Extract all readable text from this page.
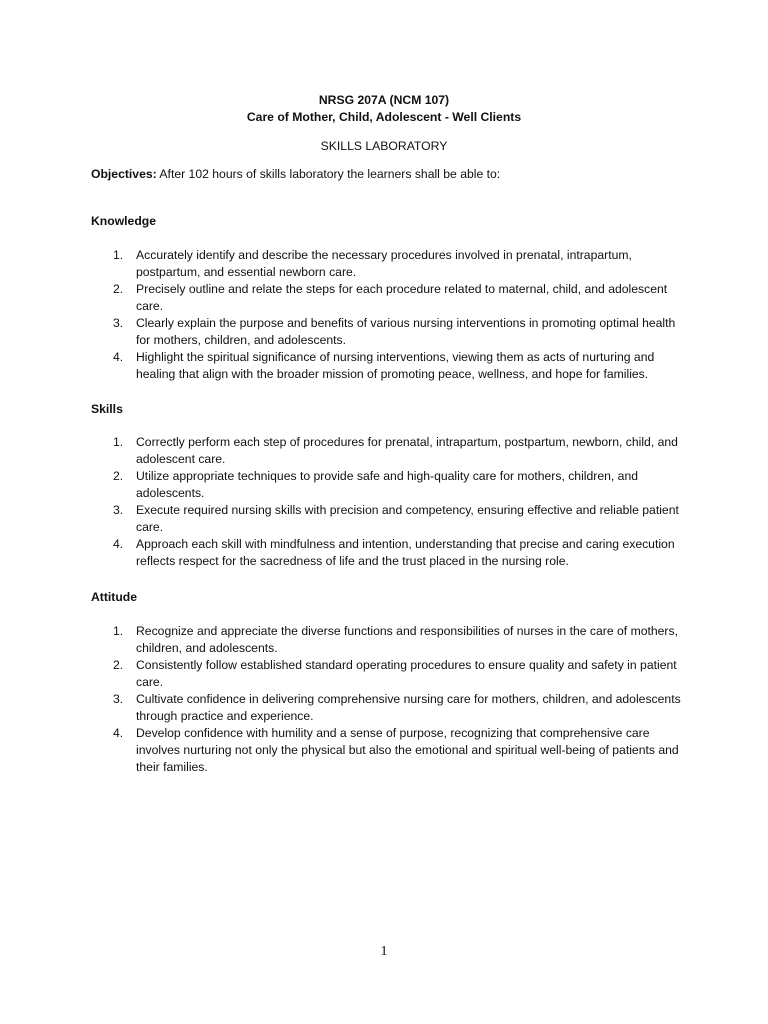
NRSG 207A (NCM 107)
Care of Mother, Child, Adolescent - Well Clients
SKILLS LABORATORY
Objectives: After 102 hours of skills laboratory the learners shall be able to:
Knowledge
1. Accurately identify and describe the necessary procedures involved in prenatal, intrapartum, postpartum, and essential newborn care.
2. Precisely outline and relate the steps for each procedure related to maternal, child, and adolescent care.
3. Clearly explain the purpose and benefits of various nursing interventions in promoting optimal health for mothers, children, and adolescents.
4. Highlight the spiritual significance of nursing interventions, viewing them as acts of nurturing and healing that align with the broader mission of promoting peace, wellness, and hope for families.
Skills
1. Correctly perform each step of procedures for prenatal, intrapartum, postpartum, newborn, child, and adolescent care.
2. Utilize appropriate techniques to provide safe and high-quality care for mothers, children, and adolescents.
3. Execute required nursing skills with precision and competency, ensuring effective and reliable patient care.
4. Approach each skill with mindfulness and intention, understanding that precise and caring execution reflects respect for the sacredness of life and the trust placed in the nursing role.
Attitude
1. Recognize and appreciate the diverse functions and responsibilities of nurses in the care of mothers, children, and adolescents.
2. Consistently follow established standard operating procedures to ensure quality and safety in patient care.
3. Cultivate confidence in delivering comprehensive nursing care for mothers, children, and adolescents through practice and experience.
4. Develop confidence with humility and a sense of purpose, recognizing that comprehensive care involves nurturing not only the physical but also the emotional and spiritual well-being of patients and their families.
1
